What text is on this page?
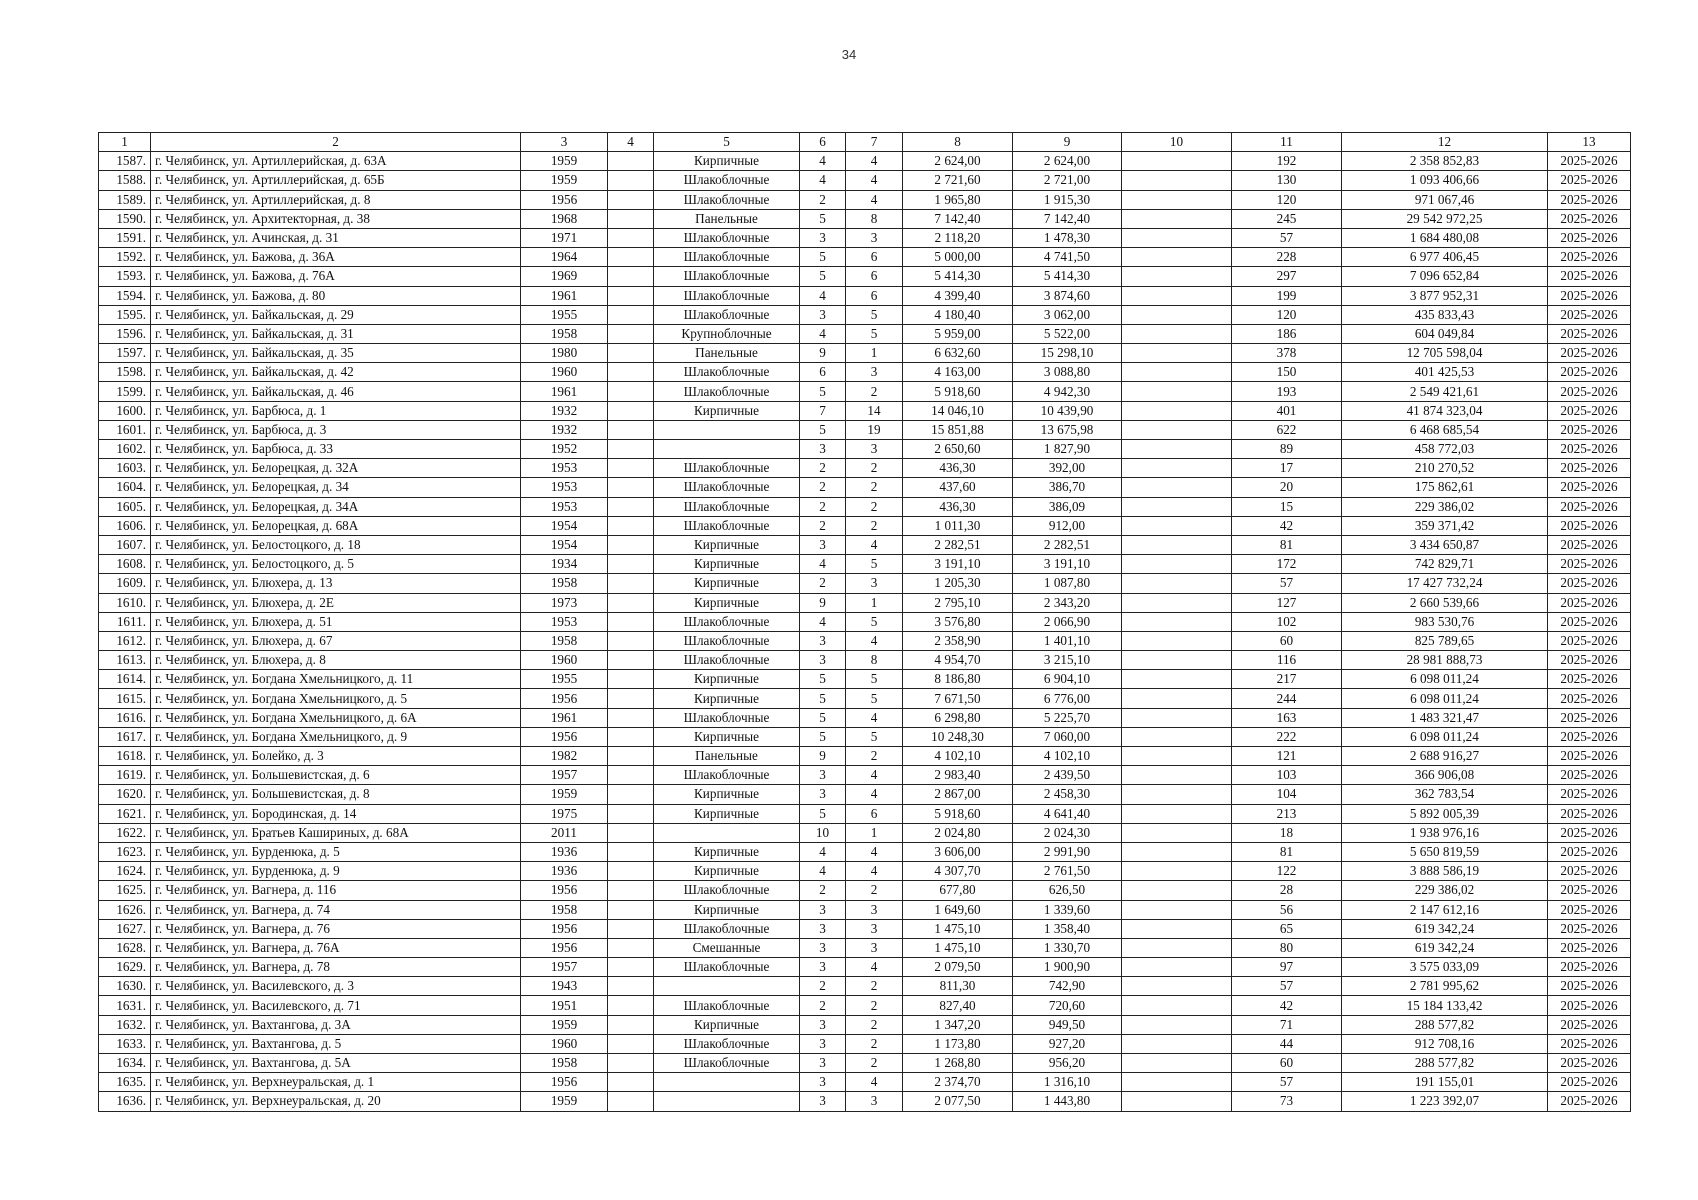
34
1	2	3	4	5	6	7	8	9	10	11	12	13
1587.	г. Челябинск, ул. Артиллерийская, д. 63А	1959		Кирпичные	4	4	2 624,00	2 624,00		192	2 358 852,83	2025-2026
1588.	г. Челябинск, ул. Артиллерийская, д. 65Б	1959		Шлакоблочные	4	4	2 721,60	2 721,00		130	1 093 406,66	2025-2026
1589.	г. Челябинск, ул. Артиллерийская, д. 8	1956		Шлакоблочные	2	4	1 965,80	1 915,30		120	971 067,46	2025-2026
1590.	г. Челябинск, ул. Архитекторная, д. 38	1968		Панельные	5	8	7 142,40	7 142,40		245	29 542 972,25	2025-2026
1591.	г. Челябинск, ул. Ачинская, д. 31	1971		Шлакоблочные	3	3	2 118,20	1 478,30		57	1 684 480,08	2025-2026
1592.	г. Челябинск, ул. Бажова, д. 36А	1964		Шлакоблочные	5	6	5 000,00	4 741,50		228	6 977 406,45	2025-2026
1593.	г. Челябинск, ул. Бажова, д. 76А	1969		Шлакоблочные	5	6	5 414,30	5 414,30		297	7 096 652,84	2025-2026
1594.	г. Челябинск, ул. Бажова, д. 80	1961		Шлакоблочные	4	6	4 399,40	3 874,60		199	3 877 952,31	2025-2026
1595.	г. Челябинск, ул. Байкальская, д. 29	1955		Шлакоблочные	3	5	4 180,40	3 062,00		120	435 833,43	2025-2026
1596.	г. Челябинск, ул. Байкальская, д. 31	1958		Крупноблочные	4	5	5 959,00	5 522,00		186	604 049,84	2025-2026
1597.	г. Челябинск, ул. Байкальская, д. 35	1980		Панельные	9	1	6 632,60	15 298,10		378	12 705 598,04	2025-2026
1598.	г. Челябинск, ул. Байкальская, д. 42	1960		Шлакоблочные	6	3	4 163,00	3 088,80		150	401 425,53	2025-2026
1599.	г. Челябинск, ул. Байкальская, д. 46	1961		Шлакоблочные	5	2	5 918,60	4 942,30		193	2 549 421,61	2025-2026
1600.	г. Челябинск, ул. Барбюса, д. 1	1932		Кирпичные	7	14	14 046,10	10 439,90		401	41 874 323,04	2025-2026
1601.	г. Челябинск, ул. Барбюса, д. 3	1932			5	19	15 851,88	13 675,98		622	6 468 685,54	2025-2026
1602.	г. Челябинск, ул. Барбюса, д. 33	1952			3	3	2 650,60	1 827,90		89	458 772,03	2025-2026
1603.	г. Челябинск, ул. Белорецкая, д. 32А	1953		Шлакоблочные	2	2	436,30	392,00		17	210 270,52	2025-2026
1604.	г. Челябинск, ул. Белорецкая, д. 34	1953		Шлакоблочные	2	2	437,60	386,70		20	175 862,61	2025-2026
1605.	г. Челябинск, ул. Белорецкая, д. 34А	1953		Шлакоблочные	2	2	436,30	386,09		15	229 386,02	2025-2026
1606.	г. Челябинск, ул. Белорецкая, д. 68А	1954		Шлакоблочные	2	2	1 011,30	912,00		42	359 371,42	2025-2026
1607.	г. Челябинск, ул. Белостоцкого, д. 18	1954		Кирпичные	3	4	2 282,51	2 282,51		81	3 434 650,87	2025-2026
1608.	г. Челябинск, ул. Белостоцкого, д. 5	1934		Кирпичные	4	5	3 191,10	3 191,10		172	742 829,71	2025-2026
1609.	г. Челябинск, ул. Блюхера, д. 13	1958		Кирпичные	2	3	1 205,30	1 087,80		57	17 427 732,24	2025-2026
1610.	г. Челябинск, ул. Блюхера, д. 2Е	1973		Кирпичные	9	1	2 795,10	2 343,20		127	2 660 539,66	2025-2026
1611.	г. Челябинск, ул. Блюхера, д. 51	1953		Шлакоблочные	4	5	3 576,80	2 066,90		102	983 530,76	2025-2026
1612.	г. Челябинск, ул. Блюхера, д. 67	1958		Шлакоблочные	3	4	2 358,90	1 401,10		60	825 789,65	2025-2026
1613.	г. Челябинск, ул. Блюхера, д. 8	1960		Шлакоблочные	3	8	4 954,70	3 215,10		116	28 981 888,73	2025-2026
1614.	г. Челябинск, ул. Богдана Хмельницкого, д. 11	1955		Кирпичные	5	5	8 186,80	6 904,10		217	6 098 011,24	2025-2026
1615.	г. Челябинск, ул. Богдана Хмельницкого, д. 5	1956		Кирпичные	5	5	7 671,50	6 776,00		244	6 098 011,24	2025-2026
1616.	г. Челябинск, ул. Богдана Хмельницкого, д. 6А	1961		Шлакоблочные	5	4	6 298,80	5 225,70		163	1 483 321,47	2025-2026
1617.	г. Челябинск, ул. Богдана Хмельницкого, д. 9	1956		Кирпичные	5	5	10 248,30	7 060,00		222	6 098 011,24	2025-2026
1618.	г. Челябинск, ул. Болейко, д. 3	1982		Панельные	9	2	4 102,10	4 102,10		121	2 688 916,27	2025-2026
1619.	г. Челябинск, ул. Большевистская, д. 6	1957		Шлакоблочные	3	4	2 983,40	2 439,50		103	366 906,08	2025-2026
1620.	г. Челябинск, ул. Большевистская, д. 8	1959		Кирпичные	3	4	2 867,00	2 458,30		104	362 783,54	2025-2026
1621.	г. Челябинск, ул. Бородинская, д. 14	1975		Кирпичные	5	6	5 918,60	4 641,40		213	5 892 005,39	2025-2026
1622.	г. Челябинск, ул. Братьев Кашириных, д. 68А	2011			10	1	2 024,80	2 024,30		18	1 938 976,16	2025-2026
1623.	г. Челябинск, ул. Бурденюка, д. 5	1936		Кирпичные	4	4	3 606,00	2 991,90		81	5 650 819,59	2025-2026
1624.	г. Челябинск, ул. Бурденюка, д. 9	1936		Кирпичные	4	4	4 307,70	2 761,50		122	3 888 586,19	2025-2026
1625.	г. Челябинск, ул. Вагнера, д. 116	1956		Шлакоблочные	2	2	677,80	626,50		28	229 386,02	2025-2026
1626.	г. Челябинск, ул. Вагнера, д. 74	1958		Кирпичные	3	3	1 649,60	1 339,60		56	2 147 612,16	2025-2026
1627.	г. Челябинск, ул. Вагнера, д. 76	1956		Шлакоблочные	3	3	1 475,10	1 358,40		65	619 342,24	2025-2026
1628.	г. Челябинск, ул. Вагнера, д. 76А	1956		Смешанные	3	3	1 475,10	1 330,70		80	619 342,24	2025-2026
1629.	г. Челябинск, ул. Вагнера, д. 78	1957		Шлакоблочные	3	4	2 079,50	1 900,90		97	3 575 033,09	2025-2026
1630.	г. Челябинск, ул. Василевского, д. 3	1943			2	2	811,30	742,90		57	2 781 995,62	2025-2026
1631.	г. Челябинск, ул. Василевского, д. 71	1951		Шлакоблочные	2	2	827,40	720,60		42	15 184 133,42	2025-2026
1632.	г. Челябинск, ул. Вахтангова, д. 3А	1959		Кирпичные	3	2	1 347,20	949,50		71	288 577,82	2025-2026
1633.	г. Челябинск, ул. Вахтангова, д. 5	1960		Шлакоблочные	3	2	1 173,80	927,20		44	912 708,16	2025-2026
1634.	г. Челябинск, ул. Вахтангова, д. 5А	1958		Шлакоблочные	3	2	1 268,80	956,20		60	288 577,82	2025-2026
1635.	г. Челябинск, ул. Верхнеуральская, д. 1	1956			3	4	2 374,70	1 316,10		57	191 155,01	2025-2026
1636.	г. Челябинск, ул. Верхнеуральская, д. 20	1959			3	3	2 077,50	1 443,80		73	1 223 392,07	2025-2026
